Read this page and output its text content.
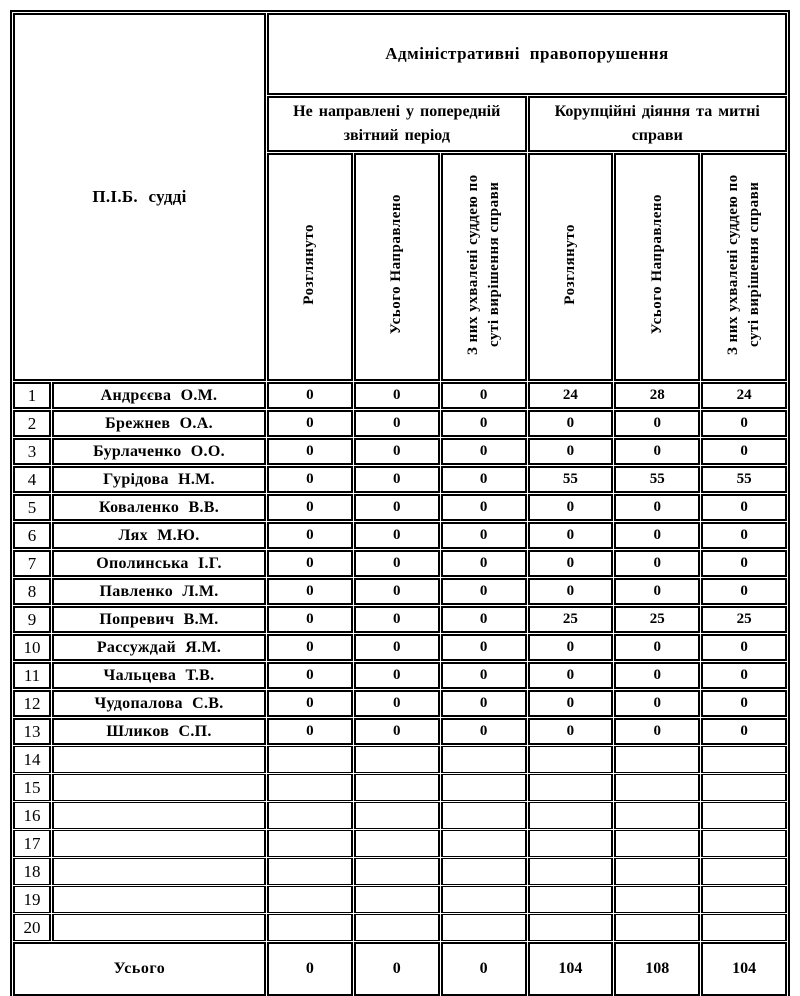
П.І.Б. судді		Адміністративні правопорушення					
		Не направлені у попередній звітний період			Корупційні діяння та митні справи		
		Розглянуто	Усього Направлено	З них ухвалені суддею по суті вирішення справи	Розглянуто	Усього Направлено	З них ухвалені суддею по суті вирішення справи
1	Андрєєва О.М.	0	0	0	24	28	24
2	Брежнев О.А.	0	0	0	0	0	0
3	Бурлаченко О.О.	0	0	0	0	0	0
4	Гурідова Н.М.	0	0	0	55	55	55
5	Коваленко В.В.	0	0	0	0	0	0
6	Лях М.Ю.	0	0	0	0	0	0
7	Ополинська І.Г.	0	0	0	0	0	0
8	Павленко Л.М.	0	0	0	0	0	0
9	Попревич В.М.	0	0	0	25	25	25
10	Рассуждай Я.М.	0	0	0	0	0	0
11	Чальцева Т.В.	0	0	0	0	0	0
12	Чудопалова С.В.	0	0	0	0	0	0
13	Шликов С.П.	0	0	0	0	0	0
14							
15							
16							
17							
18							
19							
20							
Усього		0	0	0	104	108	104
